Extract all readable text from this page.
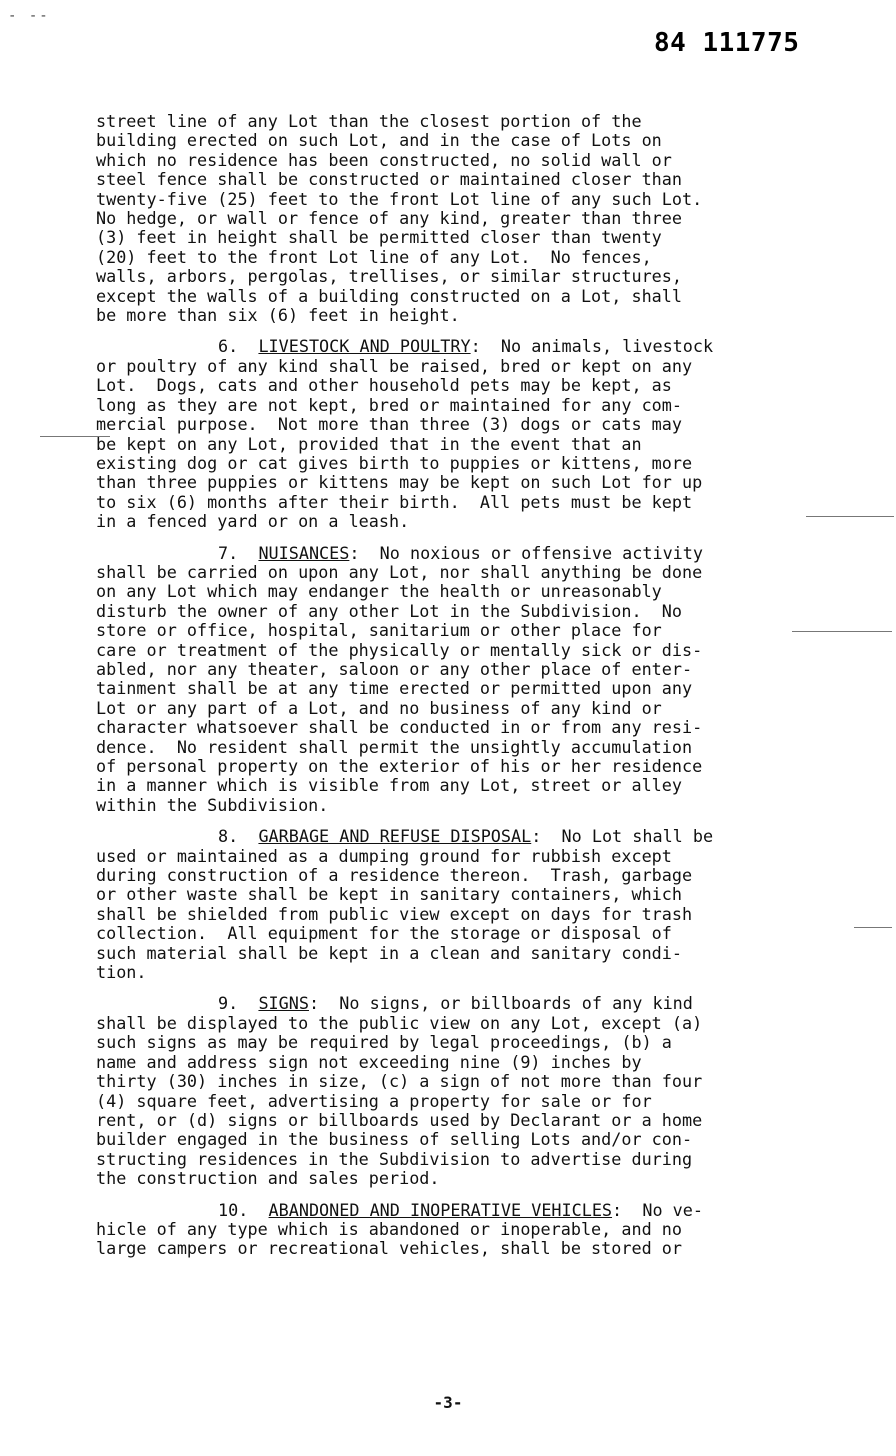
- --
84 111775
street line of any Lot than the closest portion of the
building erected on such Lot, and in the case of Lots on
which no residence has been constructed, no solid wall or
steel fence shall be constructed or maintained closer than
twenty-five (25) feet to the front Lot line of any such Lot.
No hedge, or wall or fence of any kind, greater than three
(3) feet in height shall be permitted closer than twenty
(20) feet to the front Lot line of any Lot.  No fences,
walls, arbors, pergolas, trellises, or similar structures,
except the walls of a building constructed on a Lot, shall
be more than six (6) feet in height.
6. LIVESTOCK AND POULTRY:  No animals, livestock
or poultry of any kind shall be raised, bred or kept on any
Lot.  Dogs, cats and other household pets may be kept, as
long as they are not kept, bred or maintained for any com-
mercial purpose.  Not more than three (3) dogs or cats may
be kept on any Lot, provided that in the event that an
existing dog or cat gives birth to puppies or kittens, more
than three puppies or kittens may be kept on such Lot for up
to six (6) months after their birth.  All pets must be kept
in a fenced yard or on a leash.
7. NUISANCES:  No noxious or offensive activity
shall be carried on upon any Lot, nor shall anything be done
on any Lot which may endanger the health or unreasonably
disturb the owner of any other Lot in the Subdivision.  No
store or office, hospital, sanitarium or other place for
care or treatment of the physically or mentally sick or dis-
abled, nor any theater, saloon or any other place of enter-
tainment shall be at any time erected or permitted upon any
Lot or any part of a Lot, and no business of any kind or
character whatsoever shall be conducted in or from any resi-
dence.  No resident shall permit the unsightly accumulation
of personal property on the exterior of his or her residence
in a manner which is visible from any Lot, street or alley
within the Subdivision.
8. GARBAGE AND REFUSE DISPOSAL:  No Lot shall be
used or maintained as a dumping ground for rubbish except
during construction of a residence thereon.  Trash, garbage
or other waste shall be kept in sanitary containers, which
shall be shielded from public view except on days for trash
collection.  All equipment for the storage or disposal of
such material shall be kept in a clean and sanitary condi-
tion.
9. SIGNS:  No signs, or billboards of any kind
shall be displayed to the public view on any Lot, except (a)
such signs as may be required by legal proceedings, (b) a
name and address sign not exceeding nine (9) inches by
thirty (30) inches in size, (c) a sign of not more than four
(4) square feet, advertising a property for sale or for
rent, or (d) signs or billboards used by Declarant or a home
builder engaged in the business of selling Lots and/or con-
structing residences in the Subdivision to advertise during
the construction and sales period.
10. ABANDONED AND INOPERATIVE VEHICLES:  No ve-
hicle of any type which is abandoned or inoperable, and no
large campers or recreational vehicles, shall be stored or
-3-
